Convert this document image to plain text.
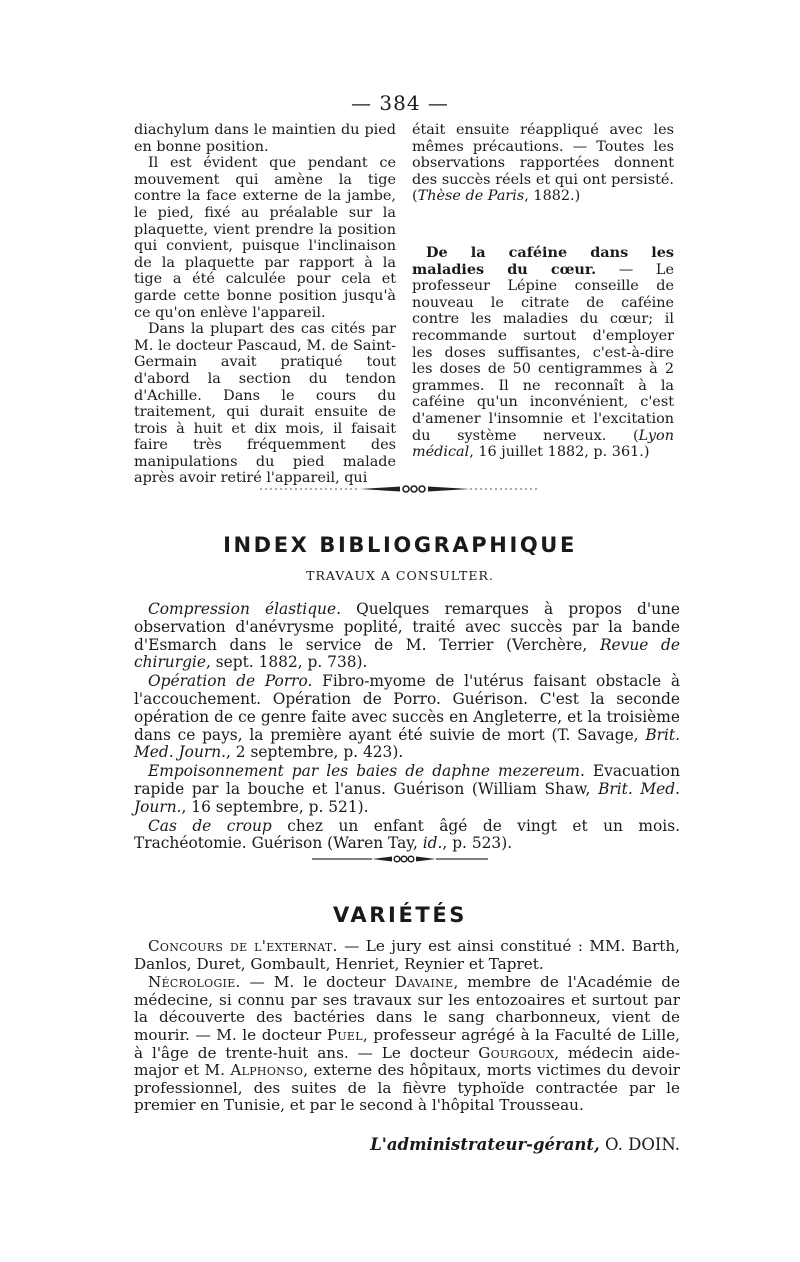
— 384 —

diachylum dans le maintien du pied en bonne position.

Il est évident que pendant ce mouvement qui amène la tige contre la face externe de la jambe, le pied, fixé au préalable sur la plaquette, vient prendre la position qui convient, puisque l'inclinaison de la plaquette par rapport à la tige a été calculée pour cela et garde cette bonne position jusqu'à ce qu'on enlève l'appareil.

Dans la plupart des cas cités par M. le docteur Pascaud, M. de Saint-Germain avait pratiqué tout d'abord la section du tendon d'Achille. Dans le cours du traitement, qui durait ensuite de trois à huit et dix mois, il faisait faire très fréquemment des manipulations du pied malade après avoir retiré l'appareil, qui

était ensuite réappliqué avec les mêmes précautions. — Toutes les observations rapportées donnent des succès réels et qui ont persisté. (Thèse de Paris, 1882.)

De la caféine dans les maladies du cœur. — Le professeur Lépine conseille de nouveau le citrate de caféine contre les maladies du cœur; il recommande surtout d'employer les doses suffisantes, c'est-à-dire les doses de 50 centigrammes à 2 grammes. Il ne reconnaît à la caféine qu'un inconvénient, c'est d'amener l'insomnie et l'excitation du système nerveux. (Lyon médical, 16 juillet 1882, p. 361.)

INDEX BIBLIOGRAPHIQUE
TRAVAUX A CONSULTER.

Compression élastique. Quelques remarques à propos d'une observation d'anévrysme poplité, traité avec succès par la bande d'Esmarch dans le service de M. Terrier (Verchère, Revue de chirurgie, sept. 1882, p. 738).

Opération de Porro. Fibro-myome de l'utérus faisant obstacle à l'accouchement. Opération de Porro. Guérison. C'est la seconde opération de ce genre faite avec succès en Angleterre, et la troisième dans ce pays, la première ayant été suivie de mort (T. Savage, Brit. Med. Journ., 2 septembre, p. 423).

Empoisonnement par les baies de daphne mezereum. Evacuation rapide par la bouche et l'anus. Guérison (William Shaw, Brit. Med. Journ., 16 septembre, p. 521).

Cas de croup chez un enfant âgé de vingt et un mois. Trachéotomie. Guérison (Waren Tay, id., p. 523).

VARIÉTÉS

Concours de l'externat. — Le jury est ainsi constitué : MM. Barth, Danlos, Duret, Gombault, Henriet, Reynier et Tapret.

Nécrologie. — M. le docteur Davaine, membre de l'Académie de médecine, si connu par ses travaux sur les entozoaires et surtout par la découverte des bactéries dans le sang charbonneux, vient de mourir. — M. le docteur Puel, professeur agrégé à la Faculté de Lille, à l'âge de trente-huit ans. — Le docteur Gourgoux, médecin aide-major et M. Alphonso, externe des hôpitaux, morts victimes du devoir professionnel, des suites de la fièvre typhoïde contractée par le premier en Tunisie, et par le second à l'hôpital Trousseau.

L'administrateur-gérant, O. DOIN.
